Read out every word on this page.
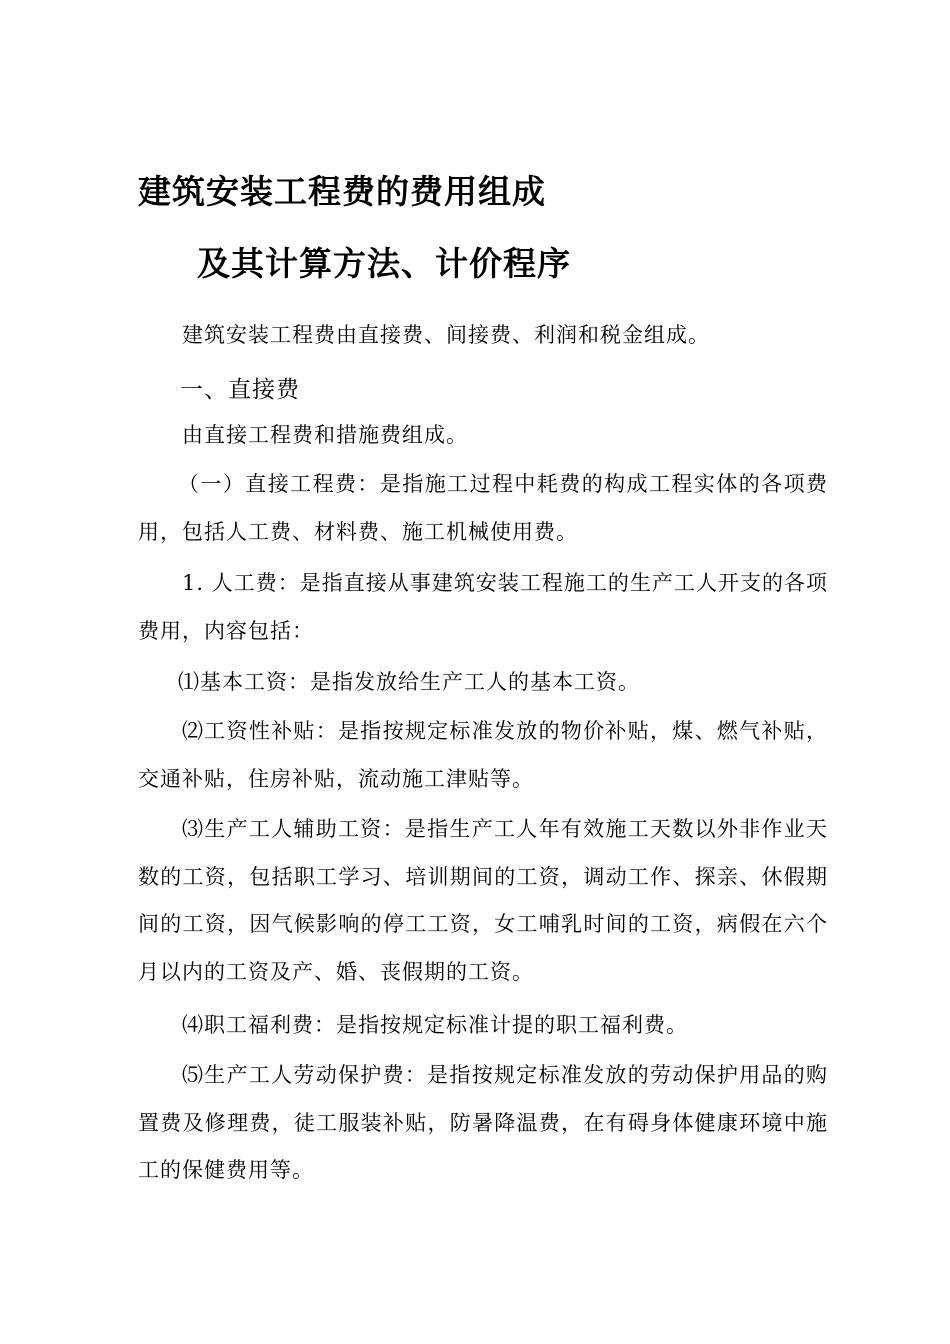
建筑安装工程费的费用组成
及其计算方法、计价程序
建筑安装工程费由直接费、间接费、利润和税金组成。
一、直接费
由直接工程费和措施费组成。
（一）直接工程费：是指施工过程中耗费的构成工程实体的各项费用，包括人工费、材料费、施工机械使用费。
1. 人工费：是指直接从事建筑安装工程施工的生产工人开支的各项费用，内容包括：
⑴基本工资：是指发放给生产工人的基本工资。
⑵工资性补贴：是指按规定标准发放的物价补贴，煤、燃气补贴，交通补贴，住房补贴，流动施工津贴等。
⑶生产工人辅助工资：是指生产工人年有效施工天数以外非作业天数的工资，包括职工学习、培训期间的工资，调动工作、探亲、休假期间的工资，因气候影响的停工工资，女工哺乳时间的工资，病假在六个月以内的工资及产、婚、丧假期的工资。
⑷职工福利费：是指按规定标准计提的职工福利费。
⑸生产工人劳动保护费：是指按规定标准发放的劳动保护用品的购置费及修理费，徒工服装补贴，防暑降温费，在有碍身体健康环境中施工的保健费用等。
